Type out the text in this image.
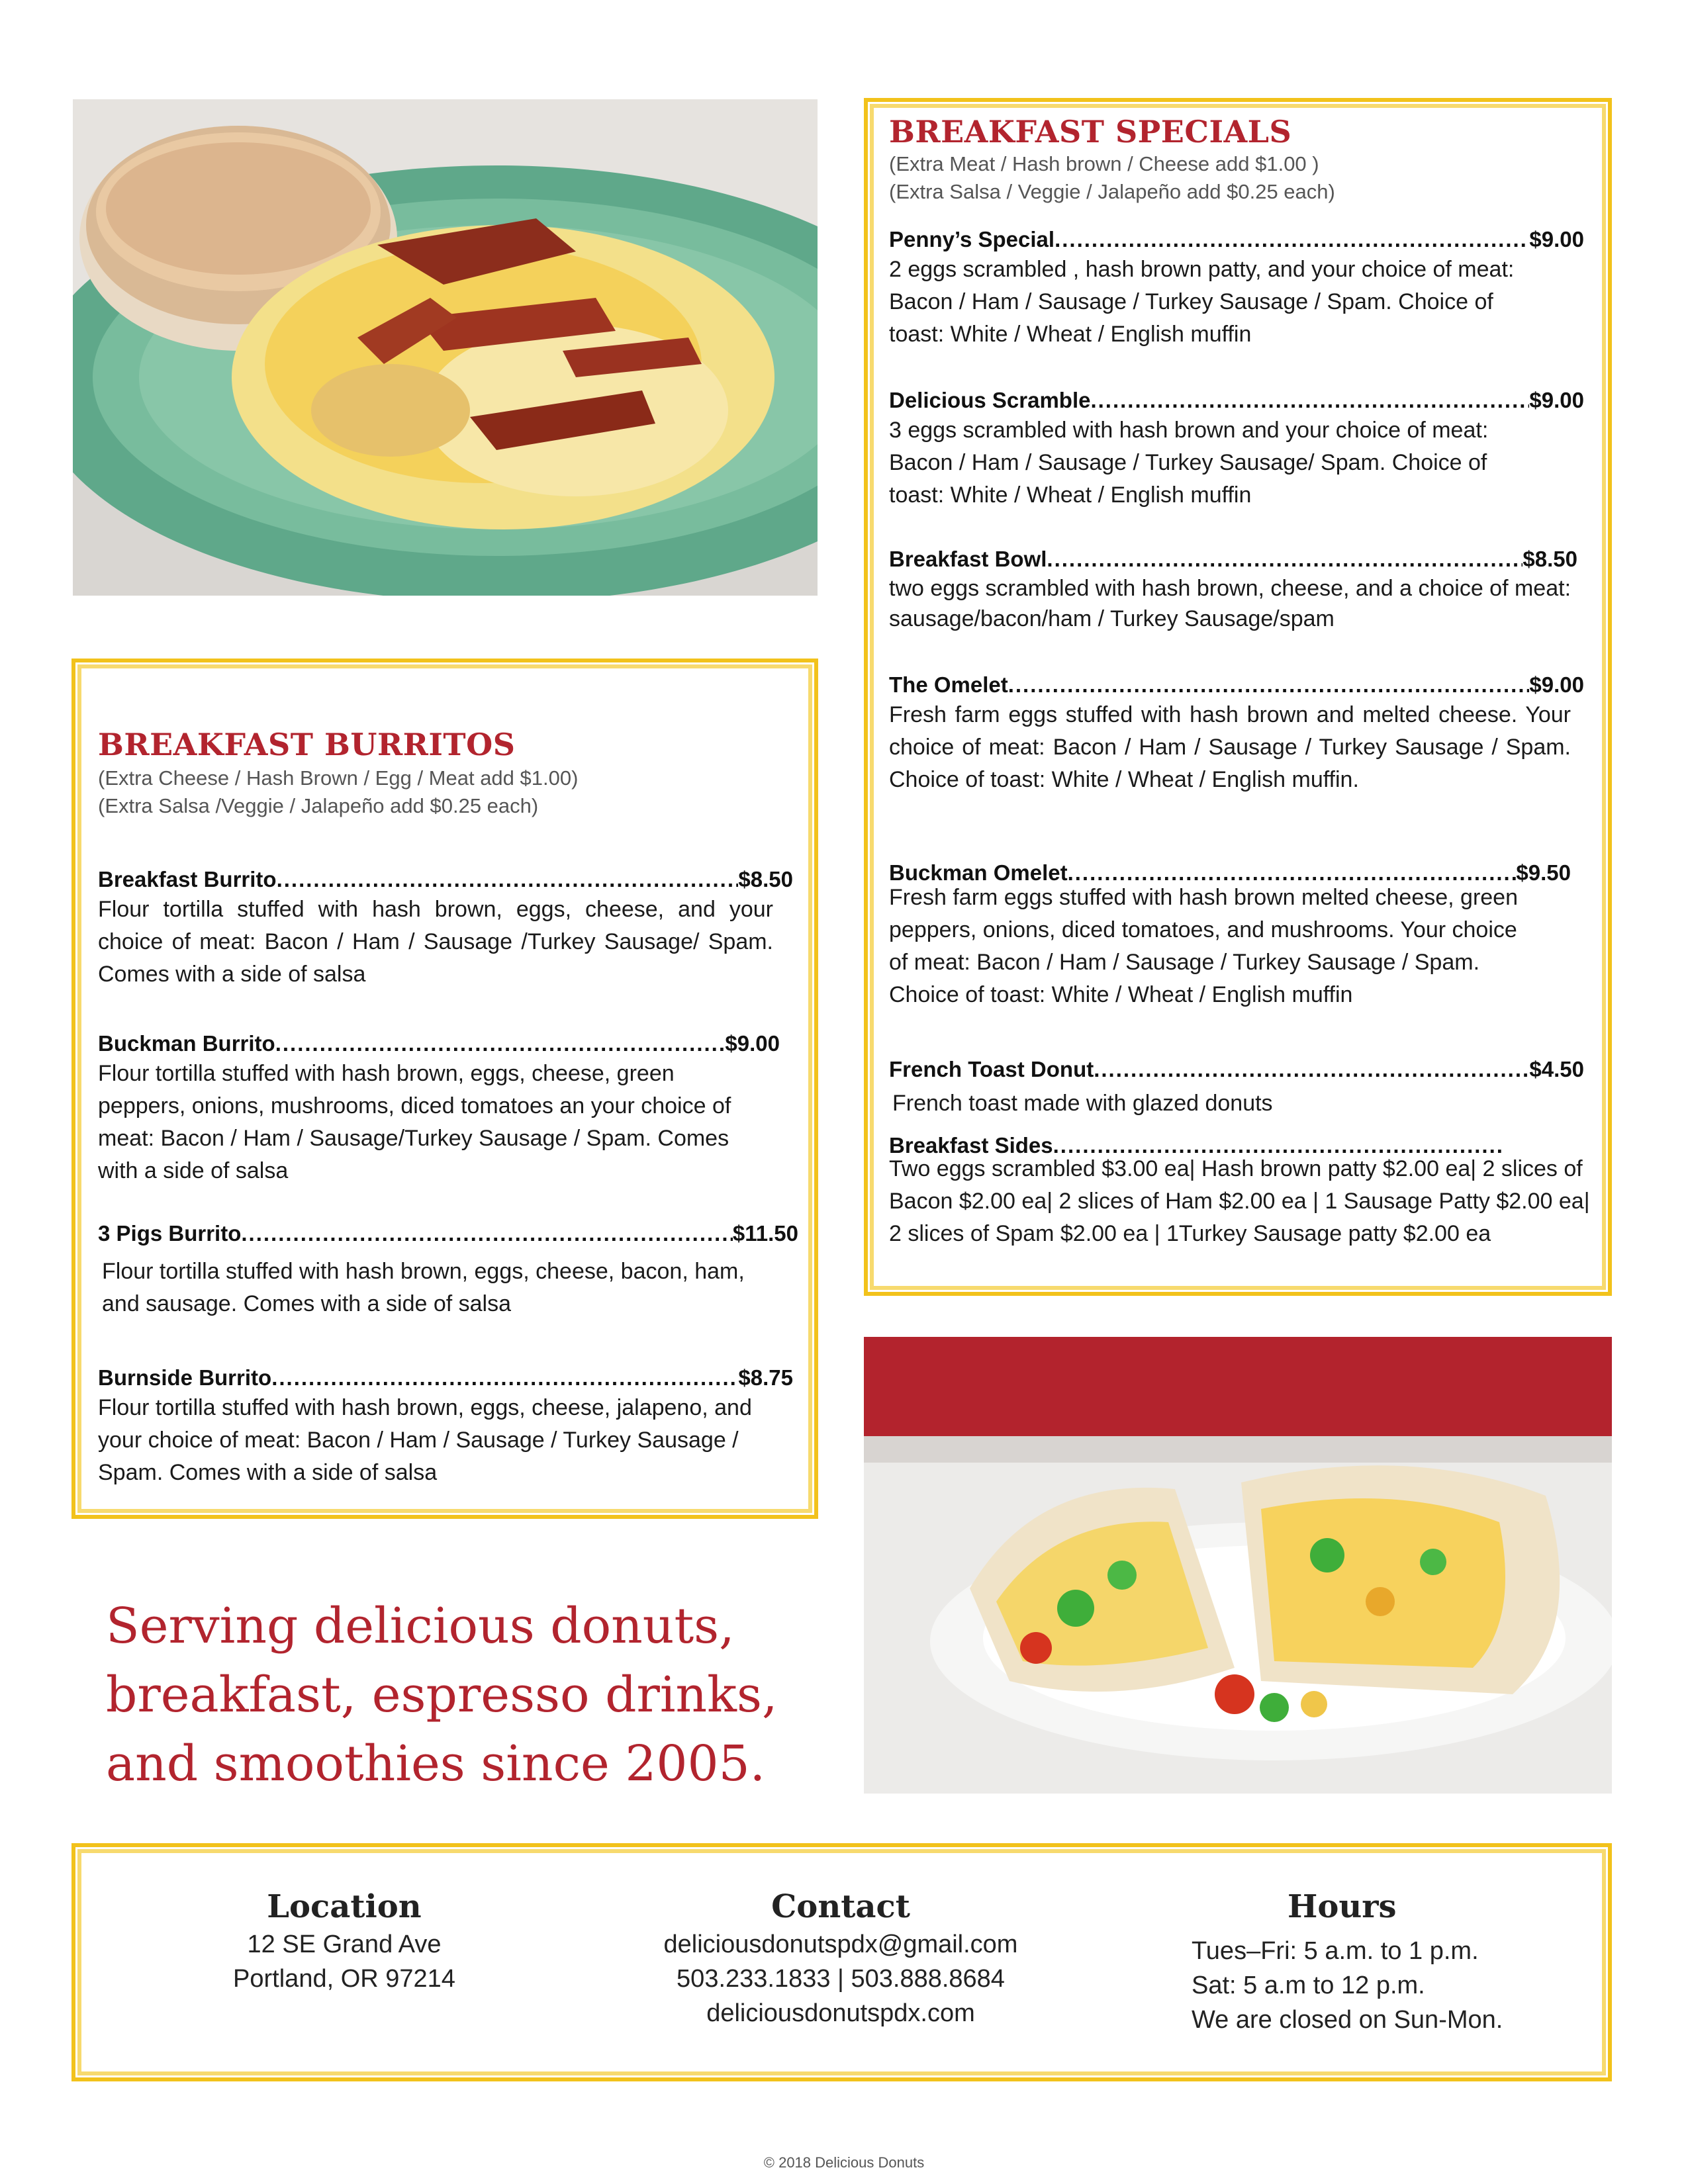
BREAKFAST SPECIALS
(Extra Meat / Hash brown / Cheese add $1.00 )
(Extra Salsa / Veggie / Jalapeño add $0.25 each)
Penny’s Special .....	$9.00
2 eggs scrambled , hash brown patty, and your choice of meat: Bacon / Ham / Sausage / Turkey Sausage / Spam. Choice of toast: White / Wheat / English muffin
Delicious Scramble .....	$9.00
3 eggs scrambled with hash brown and your choice of meat: Bacon / Ham / Sausage / Turkey Sausage/ Spam. Choice of toast: White / Wheat / English muffin
Breakfast Bowl .....	$8.50
two eggs scrambled with hash brown, cheese, and a choice of meat: sausage/bacon/ham / Turkey Sausage/spam
The Omelet .....	$9.00
Fresh farm eggs stuffed with hash brown and melted cheese. Your choice of meat: Bacon / Ham / Sausage / Turkey Sausage / Spam. Choice of toast: White / Wheat / English muffin.
Buckman Omelet .....	$9.50
Fresh farm eggs stuffed with hash brown melted cheese, green peppers, onions, diced tomatoes, and mushrooms. Your choice of meat: Bacon / Ham / Sausage / Turkey Sausage / Spam. Choice of toast: White / Wheat / English muffin
French Toast Donut .....	$4.50
French toast made with glazed donuts
Breakfast Sides
.....
Two eggs scrambled $3.00 ea| Hash brown patty $2.00 ea| 2 slices of Bacon $2.00 ea| 2 slices of Ham $2.00 ea | 1 Sausage Patty $2.00 ea| 2 slices of Spam $2.00 ea | 1Turkey Sausage patty $2.00 ea
BREAKFAST BURRITOS
(Extra Cheese / Hash Brown / Egg / Meat add $1.00)
(Extra Salsa /Veggie / Jalapeño add $0.25 each)
Breakfast Burrito .....	$8.50
Flour tortilla stuffed with hash brown, eggs, cheese, and your choice of meat: Bacon / Ham / Sausage /Turkey Sausage/ Spam. Comes with a side of salsa
Buckman Burrito .....	$9.00
Flour tortilla stuffed with hash brown, eggs, cheese, green peppers, onions, mushrooms, diced tomatoes an your choice of meat: Bacon / Ham / Sausage/Turkey Sausage / Spam. Comes with a side of salsa
3 Pigs Burrito .....	$11.50
Flour tortilla stuffed with hash brown, eggs, cheese, bacon, ham, and sausage. Comes with a side of salsa
Burnside Burrito .....	$8.75
Flour tortilla stuffed with hash brown, eggs, cheese, jalapeno, and your choice of meat: Bacon / Ham / Sausage / Turkey Sausage / Spam. Comes with a side of salsa
Serving delicious donuts, breakfast, espresso drinks, and smoothies since 2005.
Location
12 SE Grand Ave
Portland, OR 97214
Contact
deliciousdonutspdx@gmail.com
503.233.1833 | 503.888.8684
deliciousdonutspdx.com
Hours
Tues–Fri: 5 a.m. to 1 p.m.
Sat: 5 a.m to 12 p.m.
We are closed on Sun-Mon.
© 2018 Delicious Donuts
